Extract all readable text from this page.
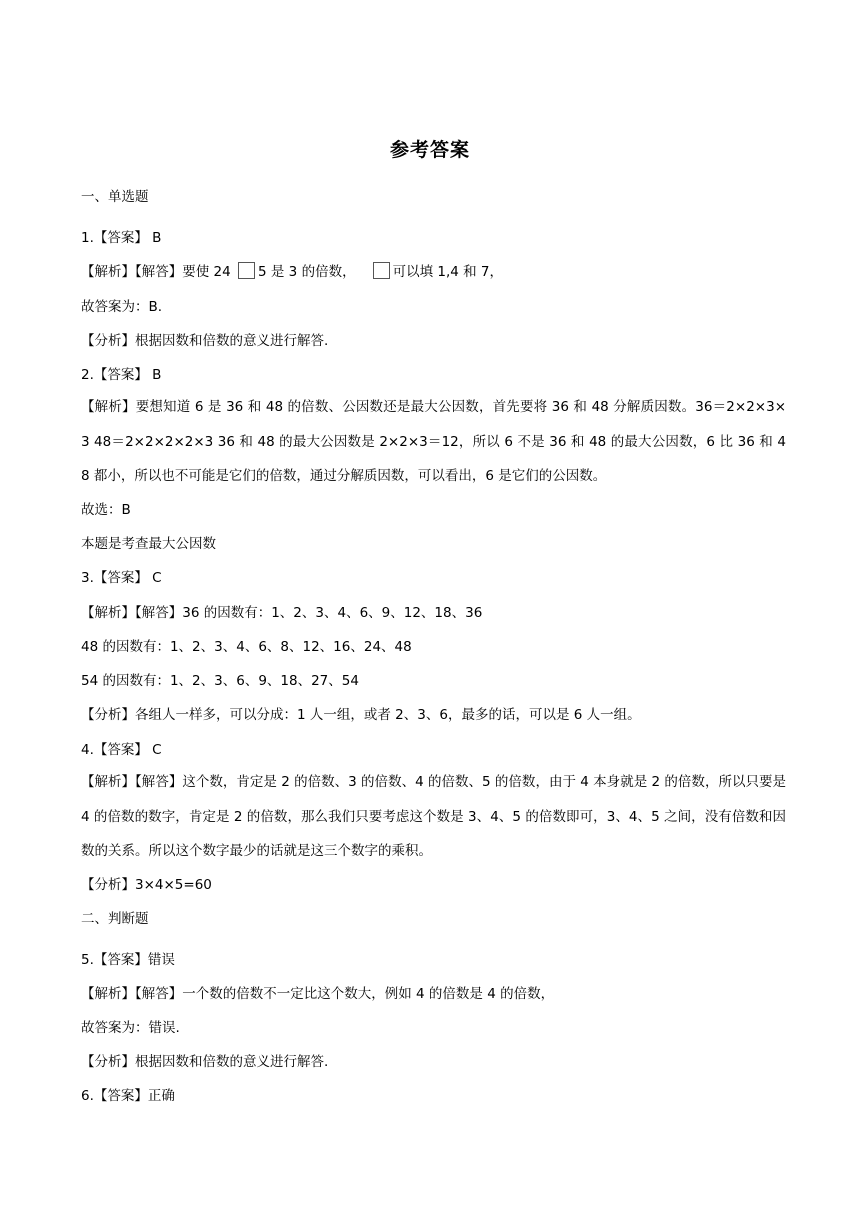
参考答案
一、单选题
1.【答案】 B
【解析】【解答】要使 24 5 是 3 的倍数，	可以填 1,4 和 7，
故答案为：B.
【分析】根据因数和倍数的意义进行解答.
2.【答案】 B
【解析】要想知道 6 是 36 和 48 的倍数、公因数还是最大公因数，首先要将 36 和 48 分解质因数。36＝2×2×3×3 48＝2×2×2×2×3 36 和 48 的最大公因数是 2×2×3＝12，所以 6 不是 36 和 48 的最大公因数，6 比 36 和 48 都小，所以也不可能是它们的倍数，通过分解质因数，可以看出，6 是它们的公因数。
故选：B
本题是考查最大公因数
3.【答案】 C
【解析】【解答】36 的因数有：1、2、3、4、6、9、12、18、36
48 的因数有：1、2、3、4、6、8、12、16、24、48
54 的因数有：1、2、3、6、9、18、27、54
【分析】各组人一样多，可以分成：1 人一组，或者 2、3、6，最多的话，可以是 6 人一组。
4.【答案】 C
【解析】【解答】这个数，肯定是 2 的倍数、3 的倍数、4 的倍数、5 的倍数，由于 4 本身就是 2 的倍数，所以只要是 4 的倍数的数字，肯定是 2 的倍数，那么我们只要考虑这个数是 3、4、5 的倍数即可，3、4、5 之间，没有倍数和因数的关系。所以这个数字最少的话就是这三个数字的乘积。
【分析】3×4×5=60
二、判断题
5.【答案】错误
【解析】【解答】一个数的倍数不一定比这个数大，例如 4 的倍数是 4 的倍数，
故答案为：错误.
【分析】根据因数和倍数的意义进行解答.
6.【答案】正确
